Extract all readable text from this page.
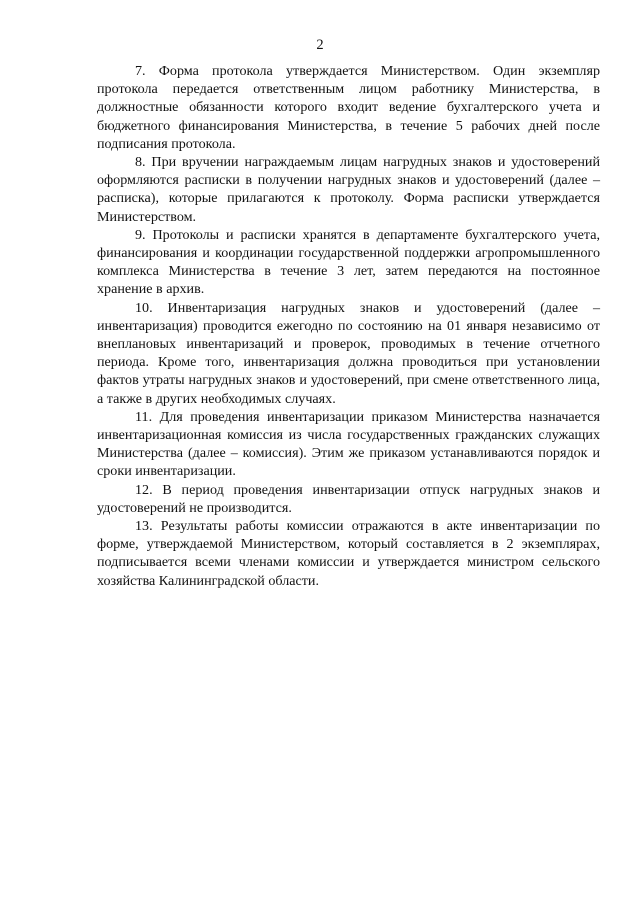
2

7. Форма протокола утверждается Министерством. Один экземпляр протокола передается ответственным лицом работнику Министерства, в должностные обязанности которого входит ведение бухгалтерского учета и бюджетного финансирования Министерства, в течение 5 рабочих дней после подписания протокола.

8. При вручении награждаемым лицам нагрудных знаков и удостоверений оформляются расписки в получении нагрудных знаков и удостоверений (далее – расписка), которые прилагаются к протоколу. Форма расписки утверждается Министерством.

9. Протоколы и расписки хранятся в департаменте бухгалтерского учета, финансирования и координации государственной поддержки агропромышленного комплекса Министерства в течение 3 лет, затем передаются на постоянное хранение в архив.

10. Инвентаризация нагрудных знаков и удостоверений (далее – инвентаризация) проводится ежегодно по состоянию на 01 января независимо от внеплановых инвентаризаций и проверок, проводимых в течение отчетного периода. Кроме того, инвентаризация должна проводиться при установлении фактов утраты нагрудных знаков и удостоверений, при смене ответственного лица, а также в других необходимых случаях.

11. Для проведения инвентаризации приказом Министерства назначается инвентаризационная комиссия из числа государственных гражданских служащих Министерства (далее – комиссия). Этим же приказом устанавливаются порядок и сроки инвентаризации.

12. В период проведения инвентаризации отпуск нагрудных знаков и удостоверений не производится.

13. Результаты работы комиссии отражаются в акте инвентаризации по форме, утверждаемой Министерством, который составляется в 2 экземплярах, подписывается всеми членами комиссии и утверждается министром сельского хозяйства Калининградской области.
